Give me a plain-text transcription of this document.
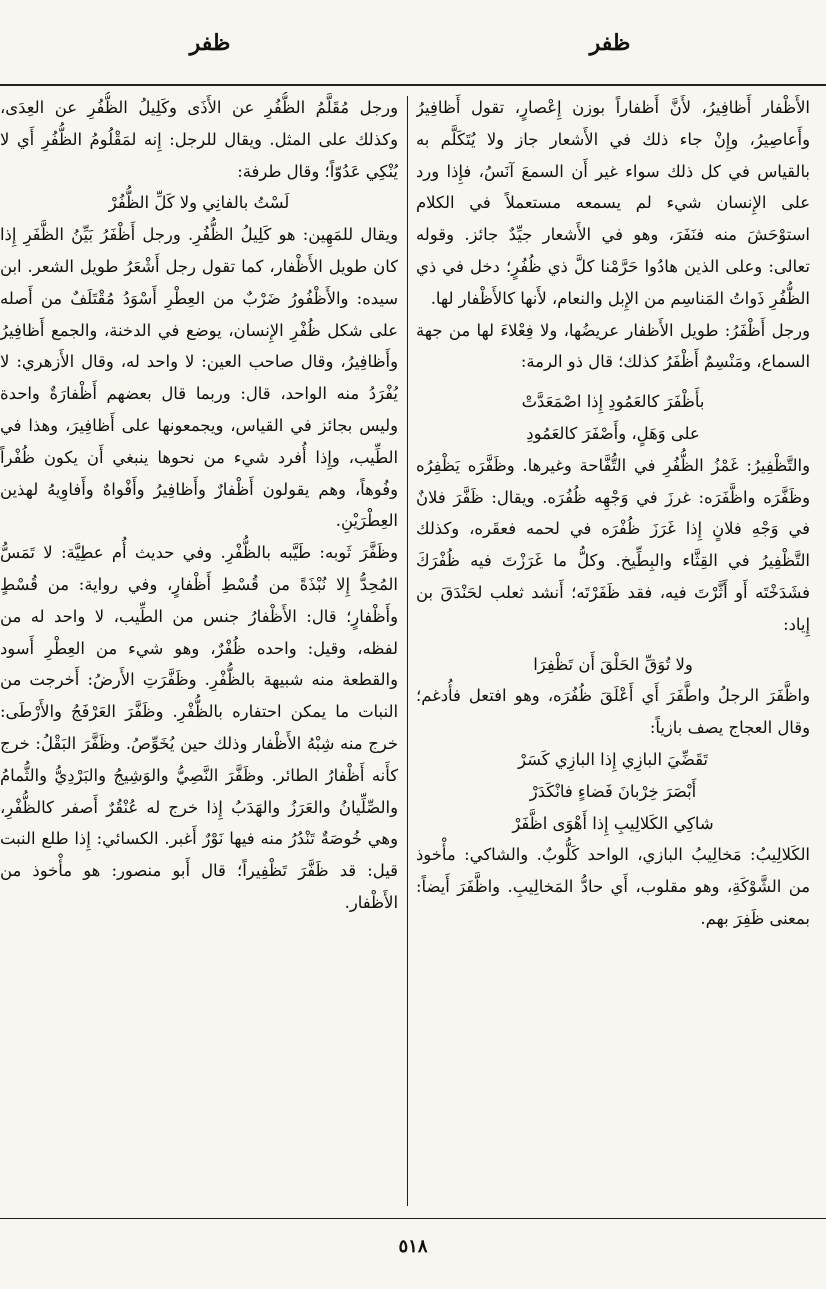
ظفر
ظفر

الأَظْفار أَظافِيرُ، لأَنَّ أَظفاراً بوزن إِعْصارٍ، تقول أَظافِيرُ وأَعاصِيرُ، وإِنْ جاء ذلك في الأَشعار جاز ولا يُتَكَلَّم به بالقياس في كل ذلك سواء غير أَن السمعَ آنَسُ، فإِذا ورد على الإِنسان شيء لم يسمعه مستعملاً في الكلام استوْحَشَ منه فنَفَرَ، وهو في الأَشعار جيِّدٌ جائز. وقوله تعالى: وعلى الذين هادُوا حَرَّمْنا كلَّ ذي ظُفُرٍ؛ دخل في ذي الظُّفُرِ ذَواتُ المَناسِم من الإِبل والنعام، لأَنها كالأَظْفار لها.

ورجل أَظْفَرُ: طويل الأَظفار عريضُها، ولا فِعْلاءَ لها من جهة السماع، ومَنْسِمٌ أَظْفَرُ كذلك؛ قال ذو الرمة:

بأَظْفَرَ كالعَمُودِ إِذا اصْمَعَدَّتْ

على وَهَلٍ، وأَصْفَرَ كالعَمُودِ

والتَّظْفِيرُ: غَمْزُ الظُّفُرِ في التُّفَّاحة وغيرها. وظَفَّرَه يَظْفِرُه وظَفَّرَه واظَّفَرَه: غرزَ في وَجْهِه ظُفُرَه. ويقال: ظَفَّرَ فلانٌ في وَجْهِ فلانٍ إِذا غَرَزَ ظُفْرَه في لحمه فعقَره، وكذلك التَّظْفِيرُ في القِثَّاء والبِطِّيخ. وكلُّ ما غَرَزْتَ فيه ظُفْرَكَ فشَدَخْتَه أَو أَثَّرْتَ فيه، فقد ظَفَرْتَه؛ أَنشد ثعلب لحَنْدَقَ بن إِياد:

ولا تُوَقِّ الحَلْقَ أَن تَظْفِرَا

واظَّفَرَ الرجلُ واطَّفَرَ أَي أَعْلَقَ ظُفُرَه، وهو افتعل فأُدغم؛ وقال العجاج يصف بازياً:

تَقَضِّيَ البازِي إِذا البازِي كَسَرْ

أَبْصَرَ خِرْبانَ فَضاءٍ فانْكَدَرْ

شاكِي الكَلالِيبِ إِذا أَهْوَى اظَّفَرْ

الكَلالِيبُ: مَخالِيبُ البازي، الواحد كَلُّوبٌ. والشاكي: مأْخوذ من الشَّوْكَةِ، وهو مقلوب، أَي حادُّ المَخالِيبِ. واظَّفَرَ أَيضاً: بمعنى ظَفِرَ بهم.

ورجل مُقَلَّمُ الظُّفُرِ عن الأَذَى وكَلِيلُ الظُّفُرِ عن العِدَى، وكذلك على المثل. ويقال للرجل: إِنه لمَقْلُومُ الظُّفُرِ أَي لا يُنْكِي عَدُوّاً؛ وقال طرفة:

لَسْتُ بالفانِي ولا كَلِّ الظُّفُرْ

ويقال للمَهِين: هو كَلِيلُ الظُّفُرِ. ورجل أَظْفَرُ بَيِّنُ الظَّفَرِ إِذا كان طويل الأَظْفار، كما تقول رجل أَشْعَرُ طويل الشعر. ابن سيده: والأَظْفُورُ ضَرْبٌ من العِطْرِ أَسْوَدُ مُقْتَلَفٌ من أَصله على شكل ظُفْرِ الإِنسان، يوضع في الدخنة، والجمع أَظافِيرُ وأَظافِيرُ، وقال صاحب العين: لا واحد له، وقال الأَزهري: لا يُفْرَدُ منه الواحد، قال: وربما قال بعضهم أَظْفارَةٌ واحدة وليس بجائز في القياس، ويجمعونها على أَظافِيرَ، وهذا في الطِّيب، وإِذا أُفرد شيء من نحوها ينبغي أَن يكون ظُفْراً وفُوهاً، وهم يقولون أَظْفارٌ وأَظافِيرُ وأَفْواهٌ وأَفاوِيهُ لهذين العِطْرَيْنِ.

وظَفَّرَ ثَوبه: طَيَّبه بالظُّفْرِ. وفي حديث أُم عطِيَّة: لا تَمَسُّ المُحِدُّ إِلا نُبْذَةً من قُسْطِ أَظْفارٍ، وفي رواية: من قُسْطٍ وأَظْفارٍ؛ قال: الأَظْفارُ جنس من الطِّيب، لا واحد له من لفظه، وقيل: واحده ظُفْرٌ، وهو شيء من العِطْرِ أَسود والقطعة منه شبيهة بالظُّفْرِ. وظَفَّرَتِ الأَرضُ: أَخرجت من النبات ما يمكن احتفاره بالظُّفْرِ. وظَفَّرَ العَرْفَجُ والأَرْطَى: خرج منه شِبْهُ الأَظْفار وذلك حين يُخَوِّصُ. وظَفَّرَ البَقْلُ: خرج كأَنه أَظْفارُ الطائر. وظَفَّرَ النَّصِيُّ والوَشِيجُ والبَرْدِيُّ والثُّمامُ والصِّلِّيانُ والعَرَزُ والهَدَبُ إِذا خرج له عُنْقُرٌ أَصفر كالظُّفْرِ، وهي خُوصَةٌ تَنْدُرُ منه فيها نَوْرٌ أَغبر. الكسائي: إِذا طلع النبت قيل: قد ظَفَّرَ تَظْفِيراً؛ قال أَبو منصور: هو مأْخوذ من الأَظْفار.

٥١٨
